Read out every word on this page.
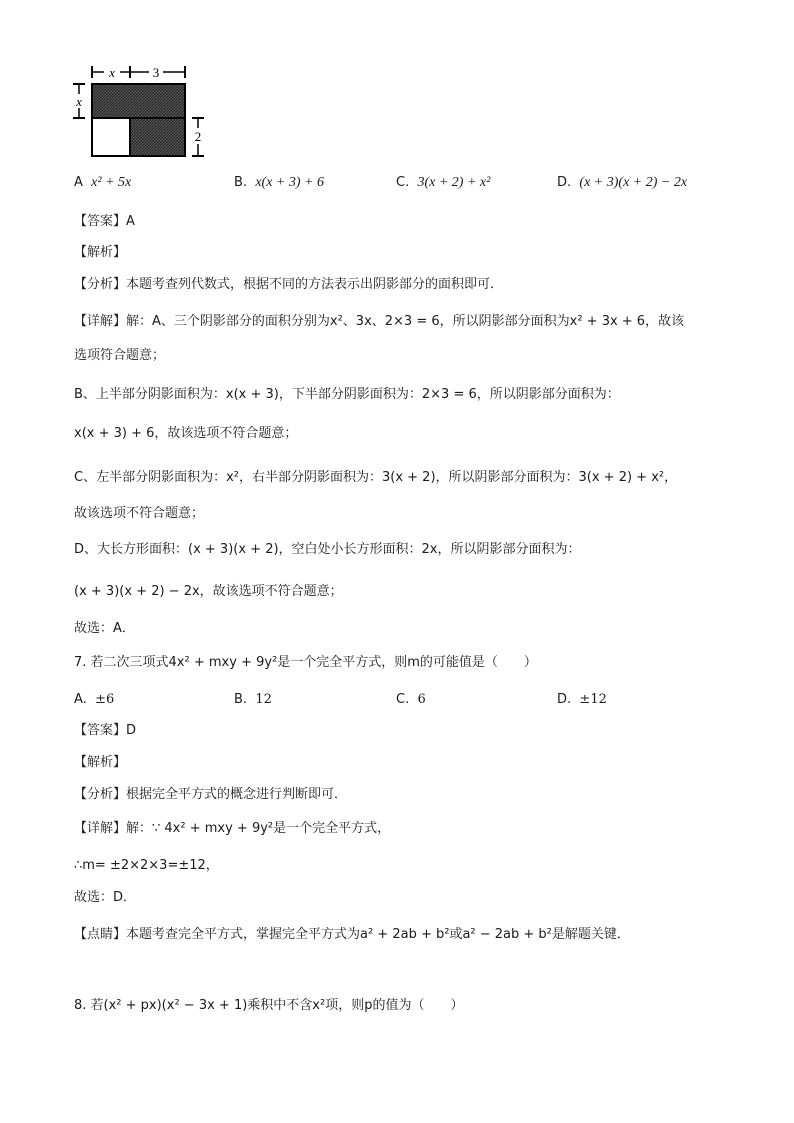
x	3
x
2
A x² + 5x	B. x(x + 3) + 6	C. 3(x + 2) + x²	D. (x + 3)(x + 2) − 2x
【答案】A
【解析】
【分析】本题考查列代数式，根据不同的方法表示出阴影部分的面积即可．
【详解】解：A、三个阴影部分的面积分别为x²、3x、2×3 = 6，所以阴影部分面积为x² + 3x + 6，故该
选项符合题意；
B、上半部分阴影面积为：x(x + 3)，下半部分阴影面积为：2×3 = 6，所以阴影部分面积为：
x(x + 3) + 6，故该选项不符合题意；
C、左半部分阴影面积为：x²，右半部分阴影面积为：3(x + 2)，所以阴影部分面积为：3(x + 2) + x²，
故该选项不符合题意；
D、大长方形面积：(x + 3)(x + 2)，空白处小长方形面积：2x，所以阴影部分面积为：
(x + 3)(x + 2) − 2x，故该选项不符合题意；
故选：A．
7. 若二次三项式4x² + mxy + 9y²是一个完全平方式，则m的可能值是（　　）
A. ±6	B. 12	C. 6	D. ±12
【答案】D
【解析】
【分析】根据完全平方式的概念进行判断即可．
【详解】解：∵ 4x² + mxy + 9y²是一个完全平方式，
∴m= ±2×2×3=±12，
故选：D．
【点睛】本题考查完全平方式，掌握完全平方式为a² + 2ab + b²或a² − 2ab + b²是解题关键．
8. 若(x² + px)(x² − 3x + 1)乘积中不含x²项，则p的值为（　　）
